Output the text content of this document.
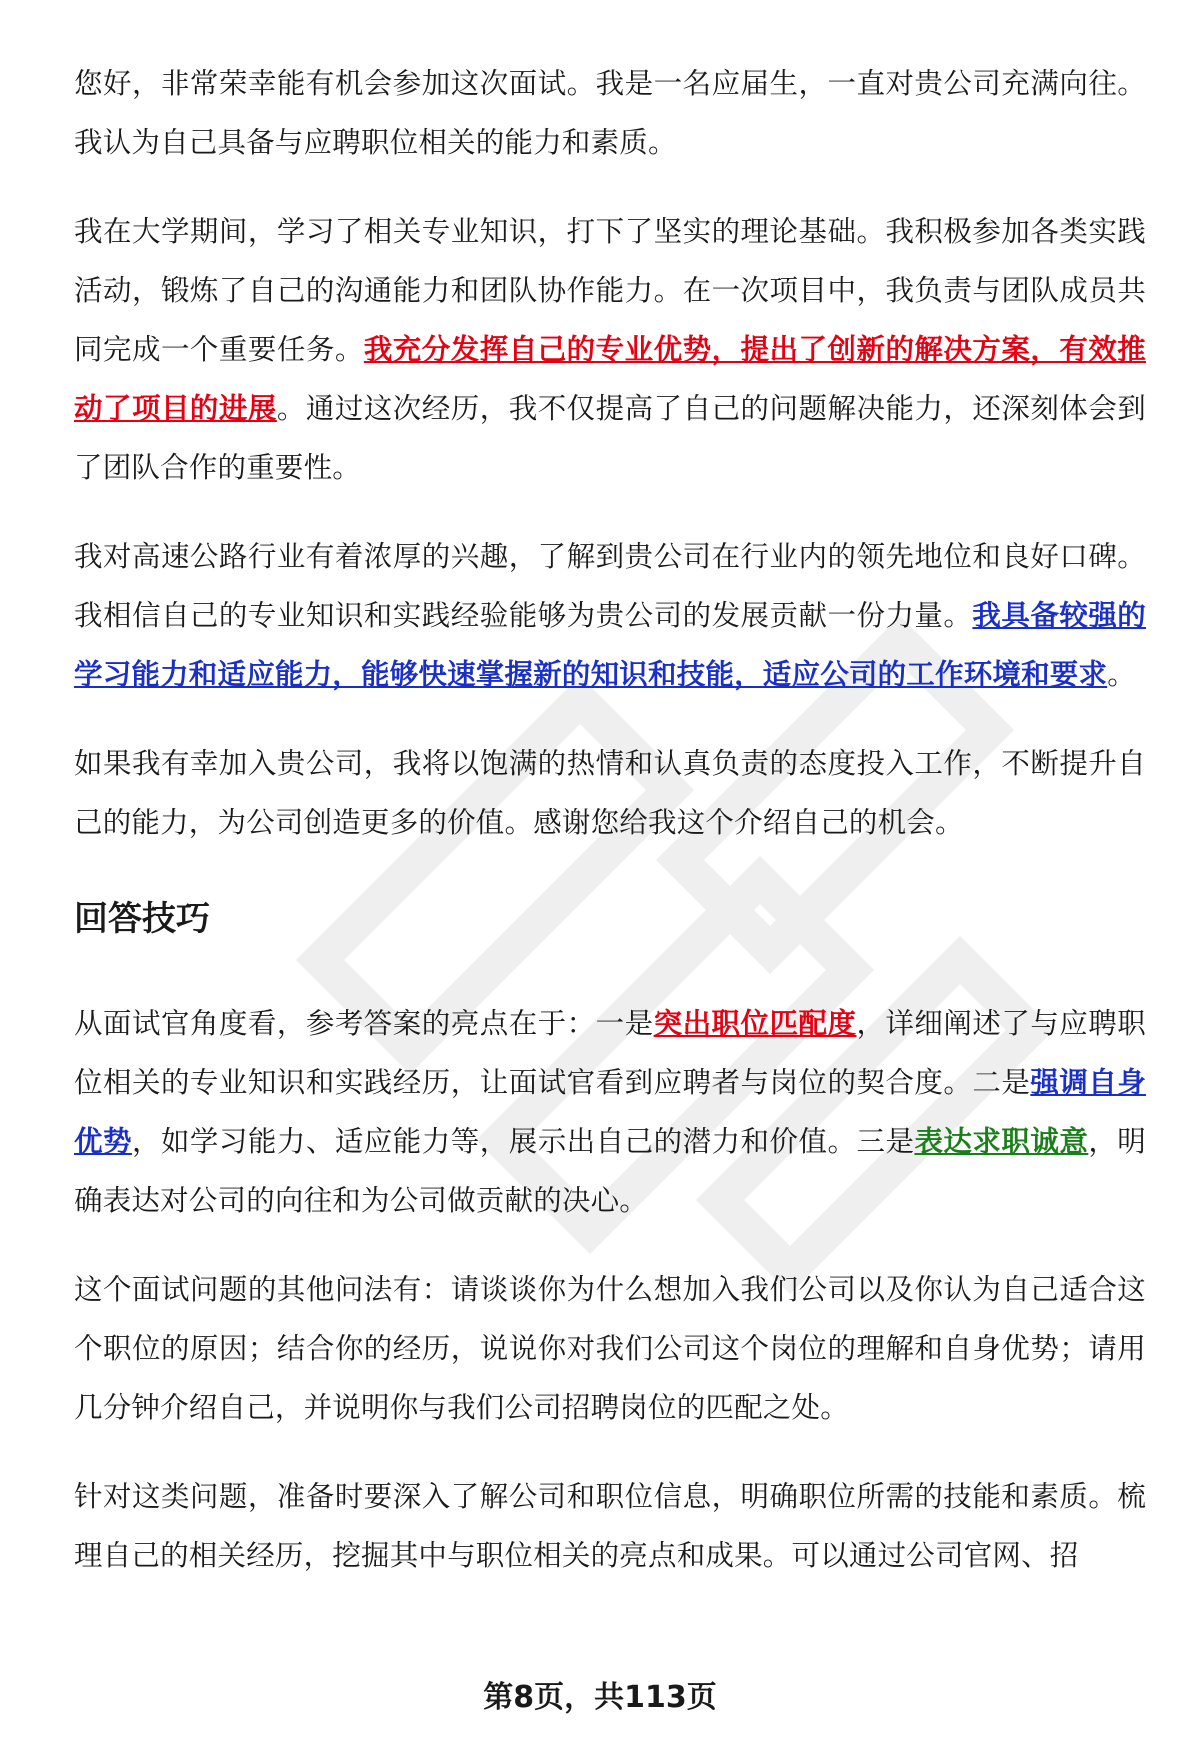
您好，非常荣幸能有机会参加这次面试。我是一名应届生，一直对贵公司充满向往。我认为自己具备与应聘职位相关的能力和素质。

我在大学期间，学习了相关专业知识，打下了坚实的理论基础。我积极参加各类实践活动，锻炼了自己的沟通能力和团队协作能力。在一次项目中，我负责与团队成员共同完成一个重要任务。我充分发挥自己的专业优势，提出了创新的解决方案，有效推动了项目的进展。通过这次经历，我不仅提高了自己的问题解决能力，还深刻体会到了团队合作的重要性。

我对高速公路行业有着浓厚的兴趣，了解到贵公司在行业内的领先地位和良好口碑。我相信自己的专业知识和实践经验能够为贵公司的发展贡献一份力量。我具备较强的学习能力和适应能力，能够快速掌握新的知识和技能，适应公司的工作环境和要求。

如果我有幸加入贵公司，我将以饱满的热情和认真负责的态度投入工作，不断提升自己的能力，为公司创造更多的价值。感谢您给我这个介绍自己的机会。

回答技巧

从面试官角度看，参考答案的亮点在于：一是突出职位匹配度，详细阐述了与应聘职位相关的专业知识和实践经历，让面试官看到应聘者与岗位的契合度。二是强调自身优势，如学习能力、适应能力等，展示出自己的潜力和价值。三是表达求职诚意，明确表达对公司的向往和为公司做贡献的决心。

这个面试问题的其他问法有：请谈谈你为什么想加入我们公司以及你认为自己适合这个职位的原因；结合你的经历，说说你对我们公司这个岗位的理解和自身优势；请用几分钟介绍自己，并说明你与我们公司招聘岗位的匹配之处。

针对这类问题，准备时要深入了解公司和职位信息，明确职位所需的技能和素质。梳理自己的相关经历，挖掘其中与职位相关的亮点和成果。可以通过公司官网、招

第8页，共113页
